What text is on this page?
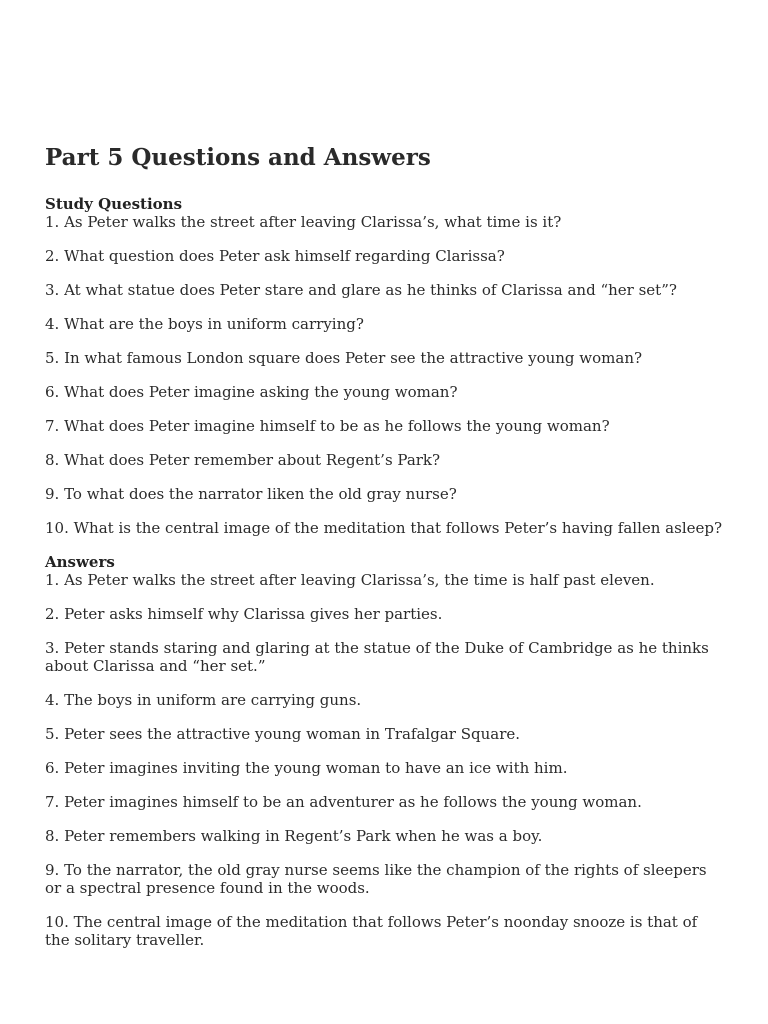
Part 5 Questions and Answers

Study Questions

1. As Peter walks the street after leaving Clarissa’s, what time is it?
2. What question does Peter ask himself regarding Clarissa?
3. At what statue does Peter stare and glare as he thinks of Clarissa and “her set”?
4. What are the boys in uniform carrying?
5. In what famous London square does Peter see the attractive young woman?
6. What does Peter imagine asking the young woman?
7. What does Peter imagine himself to be as he follows the young woman?
8. What does Peter remember about Regent’s Park?
9. To what does the narrator liken the old gray nurse?
10. What is the central image of the meditation that follows Peter’s having fallen asleep?

Answers

1. As Peter walks the street after leaving Clarissa’s, the time is half past eleven.
2. Peter asks himself why Clarissa gives her parties.
3. Peter stands staring and glaring at the statue of the Duke of Cambridge as he thinks about Clarissa and “her set.”
4. The boys in uniform are carrying guns.
5. Peter sees the attractive young woman in Trafalgar Square.
6. Peter imagines inviting the young woman to have an ice with him.
7. Peter imagines himself to be an adventurer as he follows the young woman.
8. Peter remembers walking in Regent’s Park when he was a boy.
9. To the narrator, the old gray nurse seems like the champion of the rights of sleepers or a spectral presence found in the woods.
10. The central image of the meditation that follows Peter’s noonday snooze is that of the solitary traveller.
